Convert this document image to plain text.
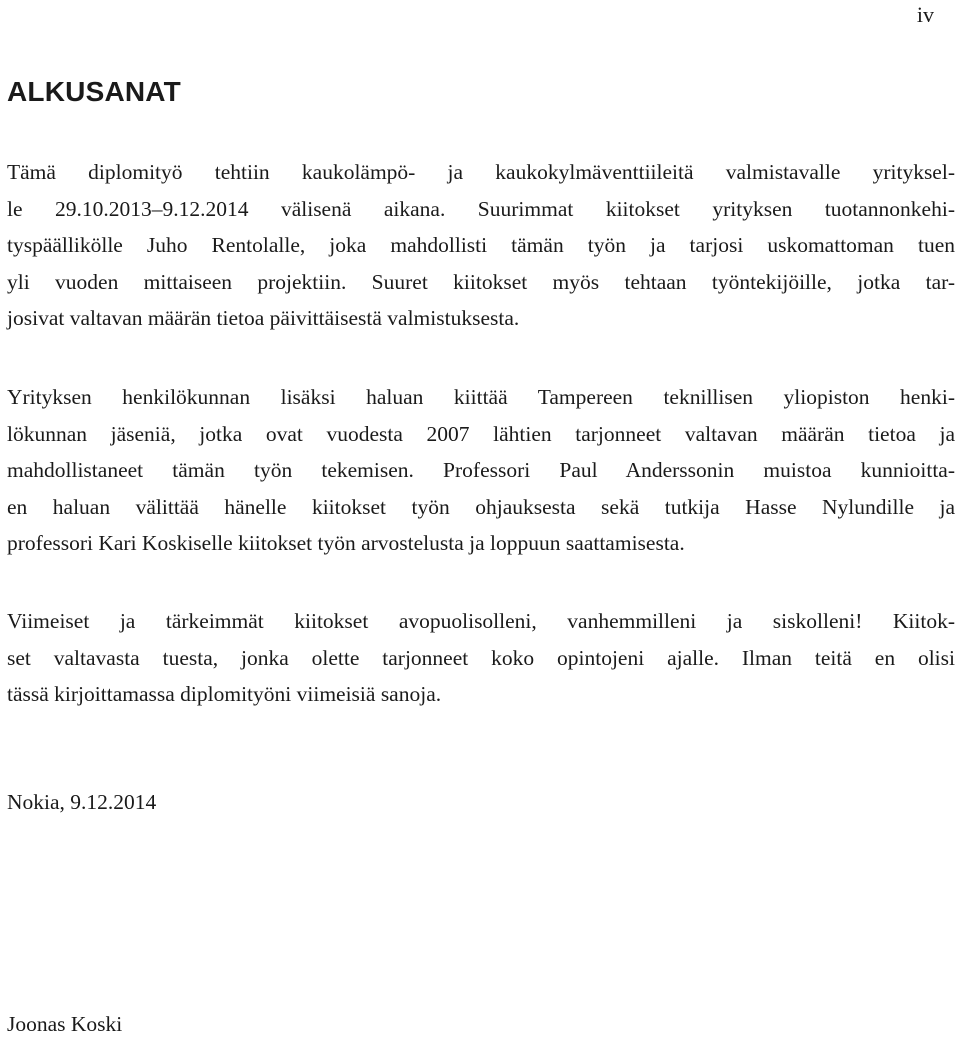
iv
ALKUSANAT

Tämä diplomityö tehtiin kaukolämpö- ja kaukokylmäventtiileitä valmistavalle yrityksel-
le 29.10.2013–9.12.2014 välisenä aikana. Suurimmat kiitokset yrityksen tuotannonkehi-
tyspäällikölle Juho Rentolalle, joka mahdollisti tämän työn ja tarjosi uskomattoman tuen
yli vuoden mittaiseen projektiin. Suuret kiitokset myös tehtaan työntekijöille, jotka tar-
josivat valtavan määrän tietoa päivittäisestä valmistuksesta.

Yrityksen henkilökunnan lisäksi haluan kiittää Tampereen teknillisen yliopiston henki-
lökunnan jäseniä, jotka ovat vuodesta 2007 lähtien tarjonneet valtavan määrän tietoa ja
mahdollistaneet tämän työn tekemisen. Professori Paul Anderssonin muistoa kunnioitta-
en haluan välittää hänelle kiitokset työn ohjauksesta sekä tutkija Hasse Nylundille ja
professori Kari Koskiselle kiitokset työn arvostelusta ja loppuun saattamisesta.

Viimeiset ja tärkeimmät kiitokset avopuolisolleni, vanhemmilleni ja siskolleni! Kiitok-
set valtavasta tuesta, jonka olette tarjonneet koko opintojeni ajalle. Ilman teitä en olisi
tässä kirjoittamassa diplomityöni viimeisiä sanoja.

Nokia, 9.12.2014

Joonas Koski
